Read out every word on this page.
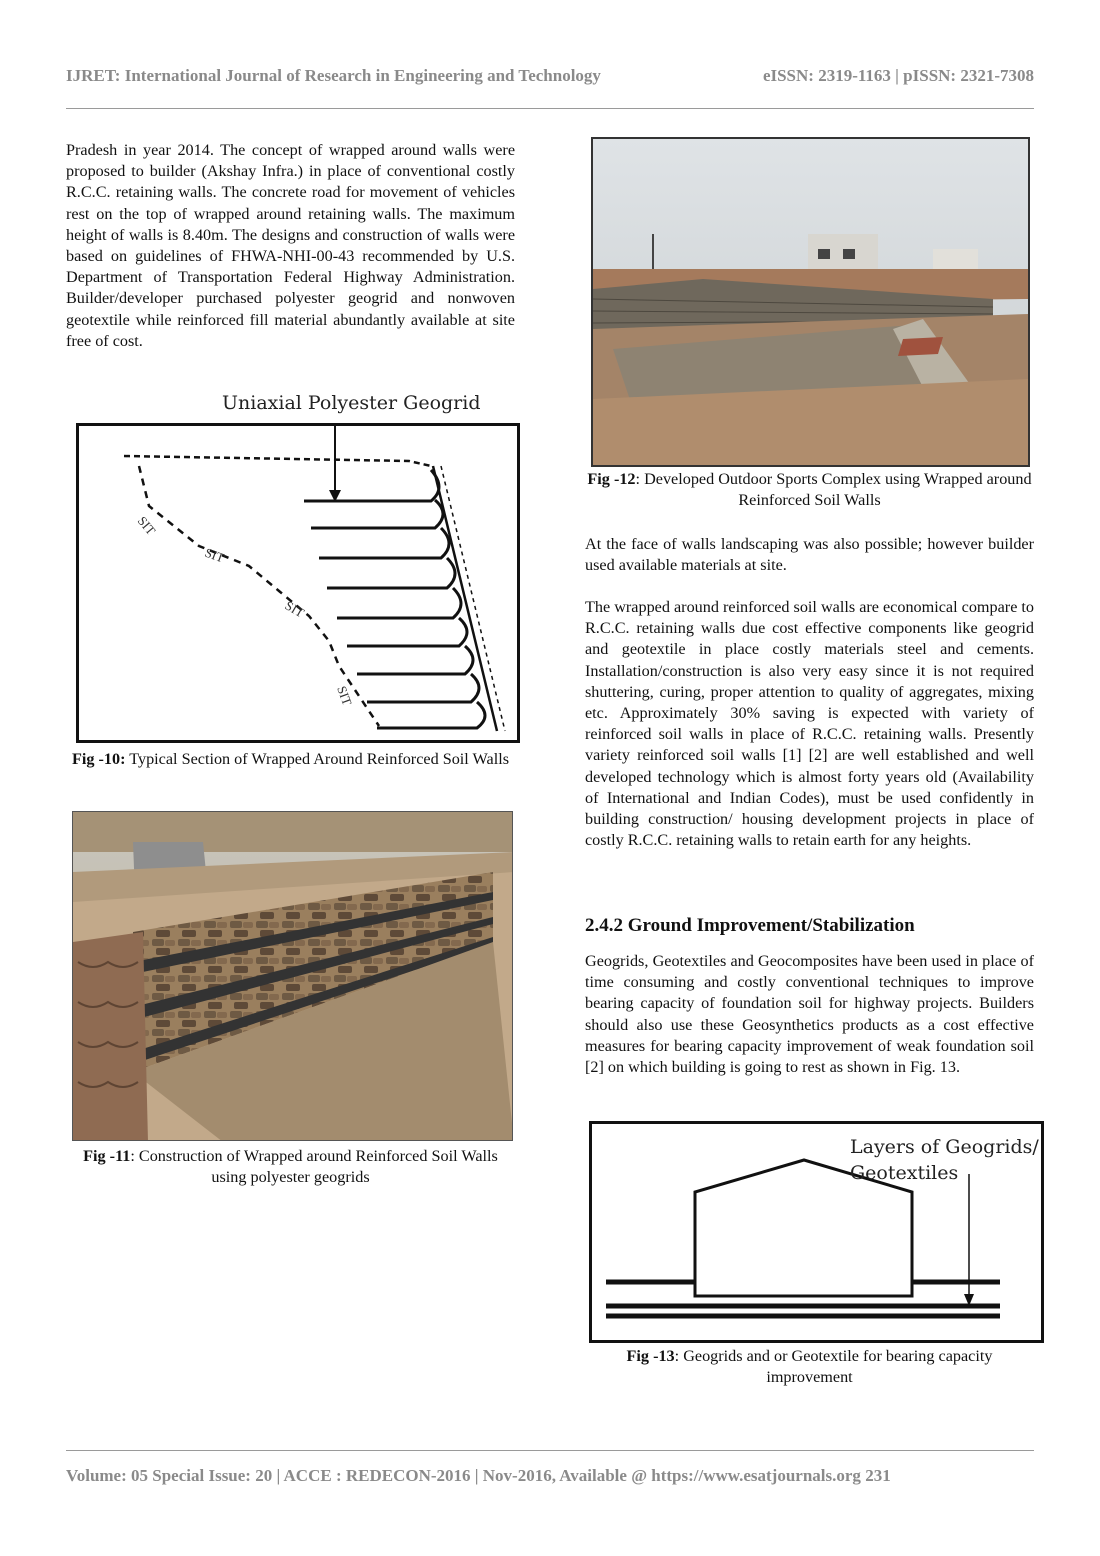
IJRET: International Journal of Research in Engineering and Technology	eISSN: 2319-1163 | pISSN: 2321-7308

Pradesh in year 2014. The concept of wrapped around walls were proposed to builder (Akshay Infra.) in place of conventional costly R.C.C. retaining walls. The concrete road for movement of vehicles rest on the top of wrapped around retaining walls. The maximum height of walls is 8.40m. The designs and construction of walls were based on guidelines of FHWA-NHI-00-43 recommended by U.S. Department of Transportation Federal Highway Administration. Builder/developer purchased polyester geogrid and nonwoven geotextile while reinforced fill material abundantly available at site free of cost.

Uniaxial Polyester Geogrid
SIT
SIT
SIT
SIT
Fig -10: Typical Section of Wrapped Around Reinforced Soil Walls
Fig -11: Construction of Wrapped around Reinforced Soil Walls using polyester geogrids
Fig -12: Developed Outdoor Sports Complex using Wrapped around Reinforced Soil Walls

At the face of walls landscaping was also possible; however builder used available materials at site.

The wrapped around reinforced soil walls are economical compare to R.C.C. retaining walls due cost effective components like geogrid and geotextile in place costly materials steel and cements. Installation/construction is also very easy since it is not required shuttering, curing, proper attention to quality of aggregates, mixing etc. Approximately 30% saving is expected with variety of reinforced soil walls in place of R.C.C. retaining walls. Presently variety reinforced soil walls [1] [2] are well established and well developed technology which is almost forty years old (Availability of International and Indian Codes), must be used confidently in building construction/ housing development projects in place of costly R.C.C. retaining walls to retain earth for any heights.

2.4.2 Ground Improvement/Stabilization

Geogrids, Geotextiles and Geocomposites have been used in place of time consuming and costly conventional techniques to improve bearing capacity of foundation soil for highway projects. Builders should also use these Geosynthetics products as a cost effective measures for bearing capacity improvement of weak foundation soil [2] on which building is going to rest as shown in Fig. 13.

Layers of Geogrids/
Geotextiles
Fig -13: Geogrids and or Geotextile for bearing capacity improvement
Volume: 05 Special Issue: 20 | ACCE : REDECON-2016 | Nov-2016, Available @ https://www.esatjournals.org 231
